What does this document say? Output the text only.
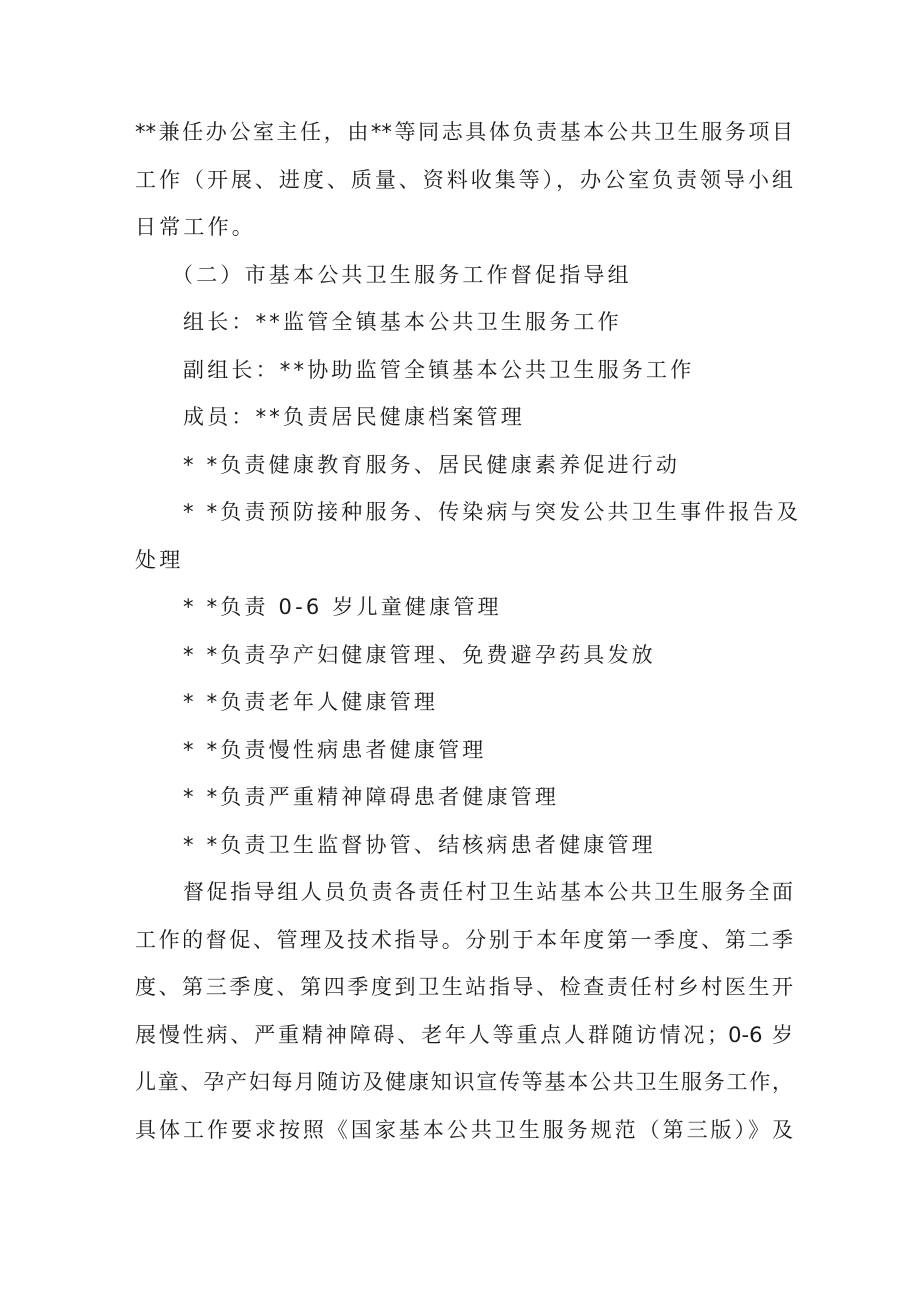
**兼任办公室主任，由**等同志具体负责基本公共卫生服务项目
工作（开展、进度、质量、资料收集等），办公室负责领导小组
日常工作。
（二）市基本公共卫生服务工作督促指导组
组长：**监管全镇基本公共卫生服务工作
副组长：**协助监管全镇基本公共卫生服务工作
成员：**负责居民健康档案管理
* *负责健康教育服务、居民健康素养促进行动
* *负责预防接种服务、传染病与突发公共卫生事件报告及
处理
* *负责 0-6 岁儿童健康管理
* *负责孕产妇健康管理、免费避孕药具发放
* *负责老年人健康管理
* *负责慢性病患者健康管理
* *负责严重精神障碍患者健康管理
* *负责卫生监督协管、结核病患者健康管理
督促指导组人员负责各责任村卫生站基本公共卫生服务全面
工作的督促、管理及技术指导。分别于本年度第一季度、第二季
度、第三季度、第四季度到卫生站指导、检查责任村乡村医生开
展慢性病、严重精神障碍、老年人等重点人群随访情况；0-6 岁
儿童、孕产妇每月随访及健康知识宣传等基本公共卫生服务工作，
具体工作要求按照《国家基本公共卫生服务规范（第三版）》及
